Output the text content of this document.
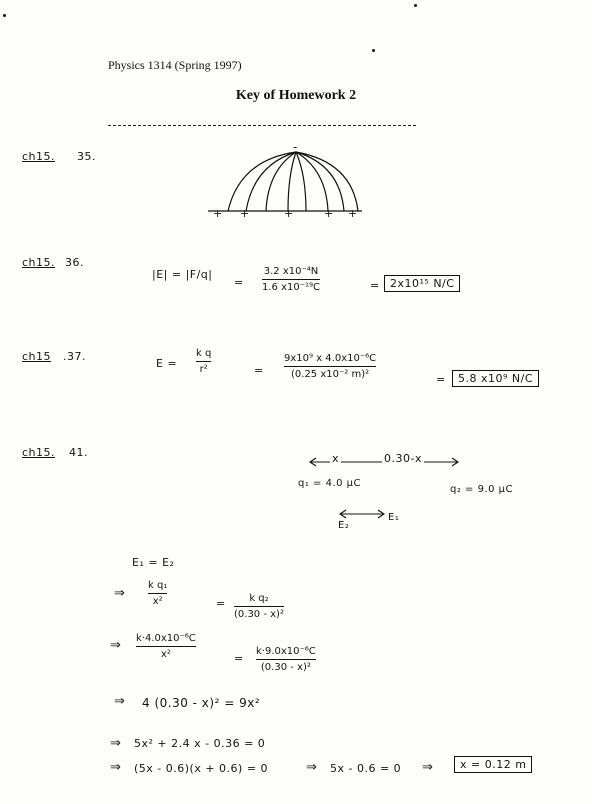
Physics 1314 (Spring 1997)
Key of Homework 2
ch15. 35.
-
+ +	+	+ +
ch15. 36.
|E| = |F/q|
=
3.2 x10⁻⁴N
1.6 x10⁻¹⁹C	= 2x10¹⁵ N/C
ch15 .37.
E =
k q
r²	=
9x10⁹ x 4.0x10⁻⁶C
(0.25 x10⁻² m)²	=	5.8 x10⁹ N/C
ch15. 41.	x	0.30-x
q₁ = 4.0 μC
q₂ = 9.0 μC
E₁
E₂
E₁ = E₂
⇒
k q₁
x²	= k q₂
(0.30 - x)²
⇒ k·4.0x10⁻⁶C
x²	=
k·9.0x10⁻⁶C
(0.30 - x)²
⇒ 4 (0.30 - x)² = 9x²
⇒ 5x² + 2.4 x - 0.36 = 0
⇒ (5x - 0.6)(x + 0.6) = 0	⇒ 5x - 0.6 = 0 ⇒	x = 0.12 m
